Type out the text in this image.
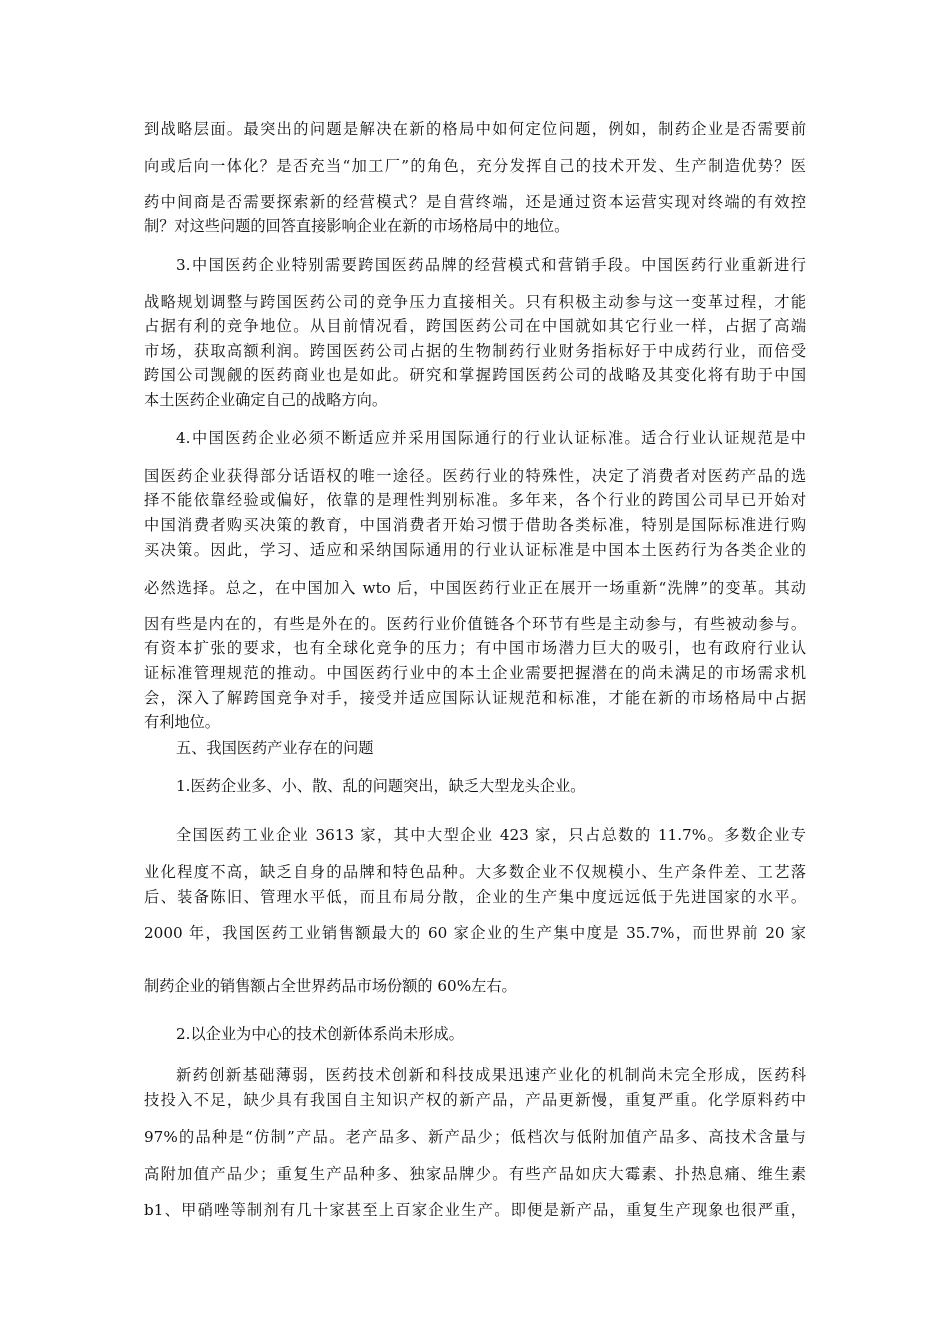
到战略层面。最突出的问题是解决在新的格局中如何定位问题，例如，制药企业是否需要前
向或后向一体化？是否充当“加工厂”的角色，充分发挥自己的技术开发、生产制造优势？医
药中间商是否需要探索新的经营模式？是自营终端，还是通过资本运营实现对终端的有效控
制？对这些问题的回答直接影响企业在新的市场格局中的地位。
3.中国医药企业特别需要跨国医药品牌的经营模式和营销手段。中国医药行业重新进行
战略规划调整与跨国医药公司的竞争压力直接相关。只有积极主动参与这一变革过程，才能
占据有利的竞争地位。从目前情况看，跨国医药公司在中国就如其它行业一样，占据了高端
市场，获取高额利润。跨国医药公司占据的生物制药行业财务指标好于中成药行业，而倍受
跨国公司觊觎的医药商业也是如此。研究和掌握跨国医药公司的战略及其变化将有助于中国
本土医药企业确定自己的战略方向。
4.中国医药企业必须不断适应并采用国际通行的行业认证标准。适合行业认证规范是中
国医药企业获得部分话语权的唯一途径。医药行业的特殊性，决定了消费者对医药产品的选
择不能依靠经验或偏好，依靠的是理性判别标准。多年来，各个行业的跨国公司早已开始对
中国消费者购买决策的教育，中国消费者开始习惯于借助各类标准，特别是国际标准进行购
买决策。因此，学习、适应和采纳国际通用的行业认证标准是中国本土医药行为各类企业的
必然选择。总之，在中国加入 wto 后，中国医药行业正在展开一场重新“洗牌”的变革。其动
因有些是内在的，有些是外在的。医药行业价值链各个环节有些是主动参与，有些被动参与。
有资本扩张的要求，也有全球化竞争的压力；有中国市场潜力巨大的吸引，也有政府行业认
证标准管理规范的推动。中国医药行业中的本土企业需要把握潜在的尚未满足的市场需求机
会，深入了解跨国竞争对手，接受并适应国际认证规范和标准，才能在新的市场格局中占据
有利地位。
五、我国医药产业存在的问题
1.医药企业多、小、散、乱的问题突出，缺乏大型龙头企业。
全国医药工业企业 3613 家，其中大型企业 423 家，只占总数的 11.7%。多数企业专
业化程度不高，缺乏自身的品牌和特色品种。大多数企业不仅规模小、生产条件差、工艺落
后、装备陈旧、管理水平低，而且布局分散，企业的生产集中度远远低于先进国家的水平。
2000 年，我国医药工业销售额最大的 60 家企业的生产集中度是 35.7%，而世界前 20 家
制药企业的销售额占全世界药品市场份额的 60%左右。
2.以企业为中心的技术创新体系尚未形成。
新药创新基础薄弱，医药技术创新和科技成果迅速产业化的机制尚未完全形成，医药科
技投入不足，缺少具有我国自主知识产权的新产品，产品更新慢，重复严重。化学原料药中
97%的品种是“仿制”产品。老产品多、新产品少；低档次与低附加值产品多、高技术含量与
高附加值产品少；重复生产品种多、独家品牌少。有些产品如庆大霉素、扑热息痛、维生素
b1、甲硝唑等制剂有几十家甚至上百家企业生产。即便是新产品，重复生产现象也很严重，
